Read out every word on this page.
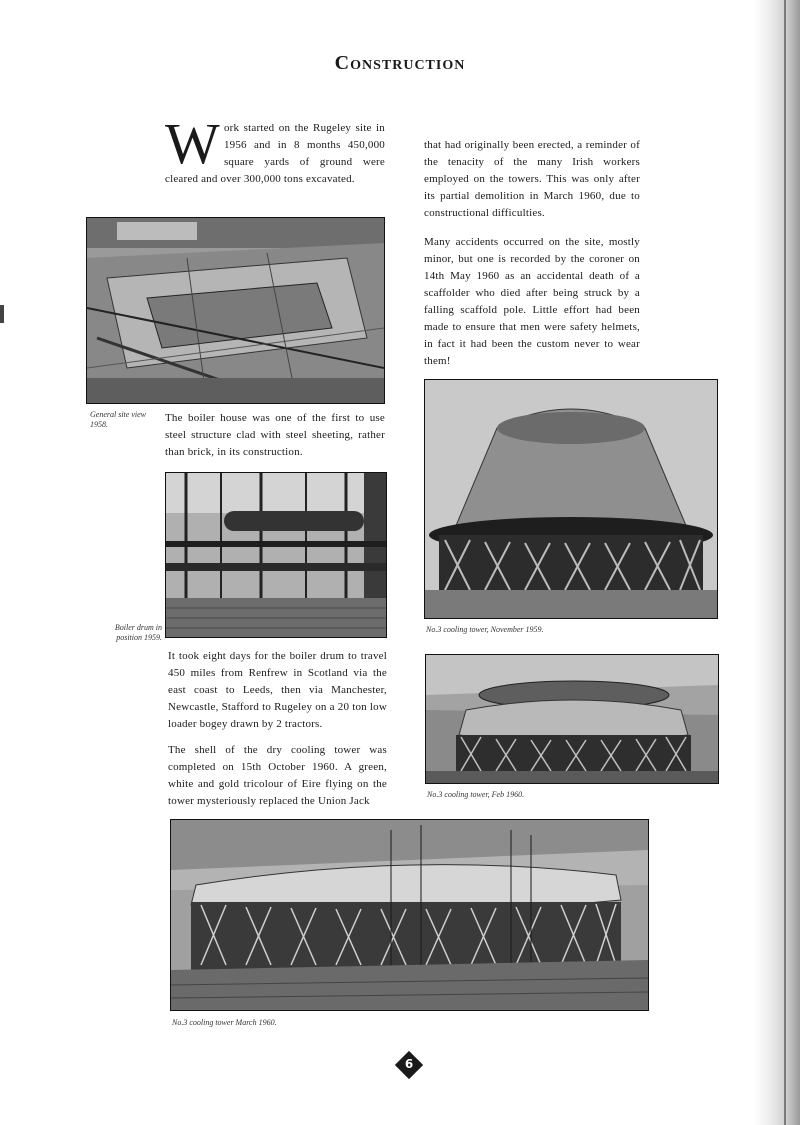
Construction
Work started on the Rugeley site in 1956 and in 8 months 450,000 square yards of ground were cleared and over 300,000 tons excavated.
that had originally been erected, a reminder of the tenacity of the many Irish workers employed on the towers. This was only after its partial demolition in March 1960, due to constructional difficulties.
Many accidents occurred on the site, mostly minor, but one is recorded by the coroner on 14th May 1960 as an accidental death of a scaffolder who died after being struck by a falling scaffold pole. Little effort had been made to ensure that men were safety helmets, in fact it had been the custom never to wear them!
General site view 1958.
The boiler house was one of the first to use steel structure clad with steel sheeting, rather than brick, in its construction.
Boiler drum in position 1959.
No.3 cooling tower, November 1959.
It took eight days for the boiler drum to travel 450 miles from Renfrew in Scotland via the east coast to Leeds, then via Manchester, Newcastle, Stafford to Rugeley on a 20 ton low loader bogey drawn by 2 tractors.
No.3 cooling tower, Feb 1960.
The shell of the dry cooling tower was completed on 15th October 1960. A green, white and gold tricolour of Eire flying on the tower mysteriously replaced the Union Jack
No.3 cooling tower March 1960.
6
